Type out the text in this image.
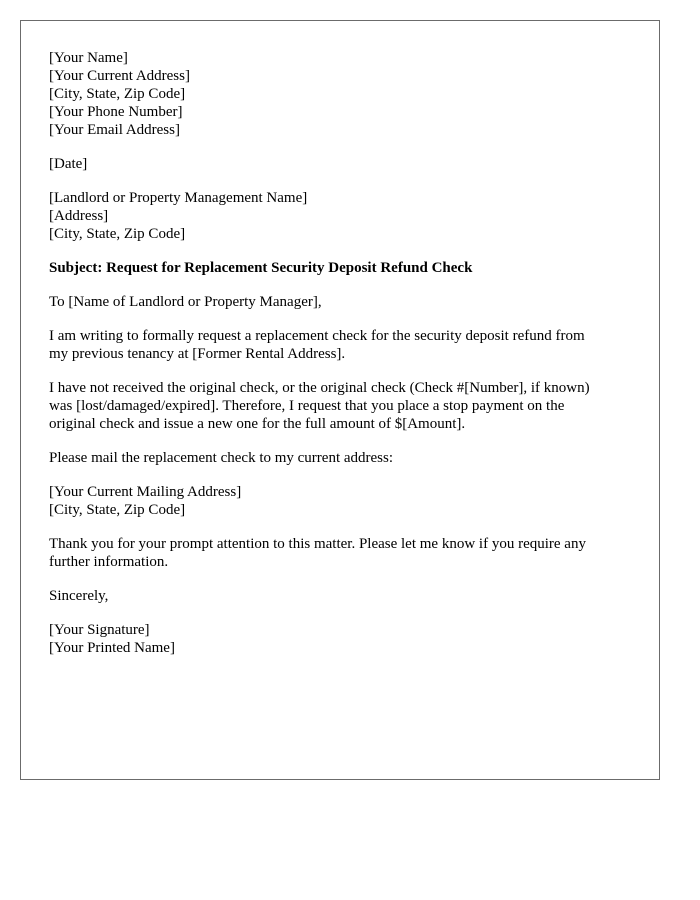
[Your Name]
[Your Current Address]
[City, State, Zip Code]
[Your Phone Number]
[Your Email Address]
[Date]
[Landlord or Property Management Name]
[Address]
[City, State, Zip Code]
Subject: Request for Replacement Security Deposit Refund Check
To [Name of Landlord or Property Manager],
I am writing to formally request a replacement check for the security deposit refund from
my previous tenancy at [Former Rental Address].
I have not received the original check, or the original check (Check #[Number], if known)
was [lost/damaged/expired]. Therefore, I request that you place a stop payment on the
original check and issue a new one for the full amount of $[Amount].
Please mail the replacement check to my current address:
[Your Current Mailing Address]
[City, State, Zip Code]
Thank you for your prompt attention to this matter. Please let me know if you require any
further information.
Sincerely,
[Your Signature]
[Your Printed Name]
